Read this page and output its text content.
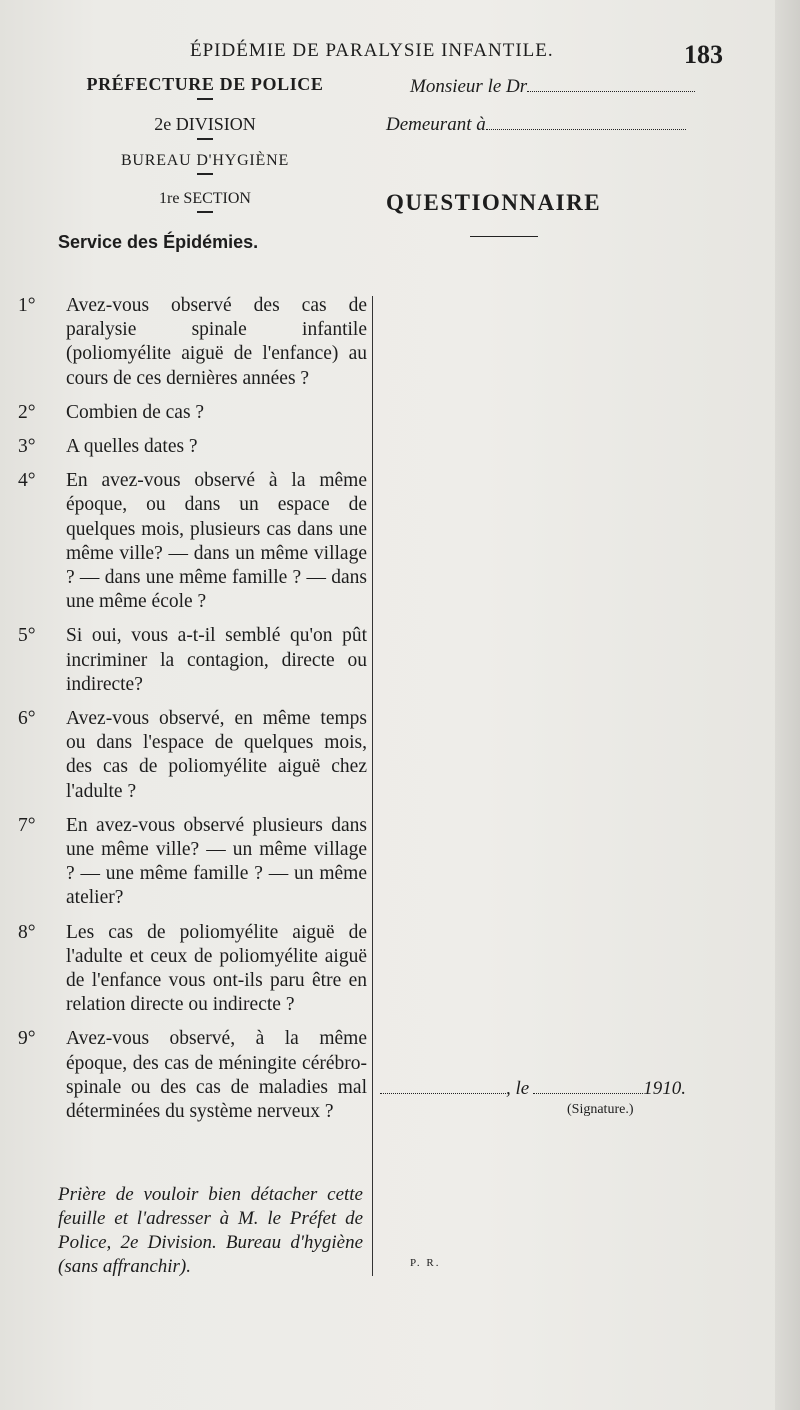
ÉPIDÉMIE DE PARALYSIE INFANTILE.	183
PRÉFECTURE DE POLICE
2e DIVISION
BUREAU D'HYGIÈNE
1re SECTION
Service des Épidémies.
Monsieur le Dr
Demeurant à
QUESTIONNAIRE

1° Avez-vous observé des cas de paralysie spinale infantile (poliomyélite aiguë de l'enfance) au cours de ces dernières années ?

2° Combien de cas ?

3° A quelles dates ?

4° En avez-vous observé à la même époque, ou dans un espace de quelques mois, plusieurs cas dans une même ville? — dans un même village ? — dans une même famille ? — dans une même école ?

5° Si oui, vous a-t-il semblé qu'on pût incriminer la contagion, directe ou indirecte?

6° Avez-vous observé, en même temps ou dans l'espace de quelques mois, des cas de poliomyélite aiguë chez l'adulte ?

7° En avez-vous observé plusieurs dans une même ville? — un même village ? — une même famille ? — un même atelier?

8° Les cas de poliomyélite aiguë de l'adulte et ceux de poliomyélite aiguë de l'enfance vous ont-ils paru être en relation directe ou indirecte ?

9° Avez-vous observé, à la même époque, des cas de méningite cérébro-spinale ou des cas de maladies mal déterminées du système nerveux ?

Prière de vouloir bien détacher cette feuille et l'adresser à M. le Préfet de Police, 2e Division. Bureau d'hygiène (sans affranchir).
, le	1910.
(Signature.)
P. R.
